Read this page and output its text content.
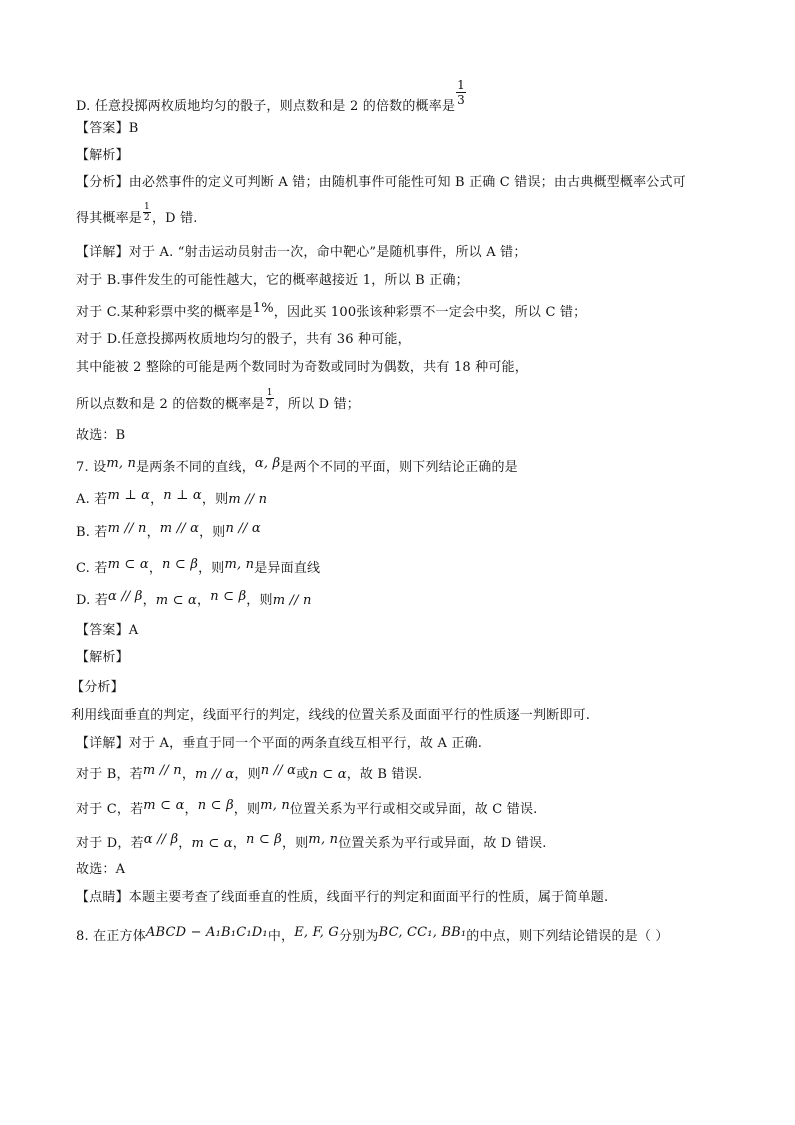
D. 任意投掷两枚质地均匀的骰子，则点数和是 2 的倍数的概率是 $\frac{1}{3}$
【答案】B
【解析】
【分析】由必然事件的定义可判断 A 错；由随机事件可能性可知 B 正确 C 错误；由古典概型概率公式可
得其概率是 $\frac{1}{2}$ ，D 错.
【详解】对于 A. “射击运动员射击一次，命中靶心”是随机事件，所以 A 错；
对于 B.事件发生的可能性越大，它的概率越接近 1，所以 B 正确；
对于 C.某种彩票中奖的概率是1%，因此买 100张该种彩票不一定会中奖，所以 C 错；
对于 D.任意投掷两枚质地均匀的骰子，共有 36 种可能，
其中能被 2 整除的可能是两个数同时为奇数或同时为偶数，共有 18 种可能，
所以点数和是 2 的倍数的概率是 $\frac{1}{2}$ ，所以 D 错；
故选：B
7. 设m, n是两条不同的直线，α, β是两个不同的平面，则下列结论正确的是
A. 若m ⊥ α，n ⊥ α，则m // n
B. 若m // n，m // α，则n // α
C. 若m ⊂ α，n ⊂ β，则m, n是异面直线
D. 若α // β，m ⊂ α，n ⊂ β，则m // n
【答案】A
【解析】
【分析】
利用线面垂直的判定，线面平行的判定，线线的位置关系及面面平行的性质逐一判断即可.
【详解】对于 A，垂直于同一个平面的两条直线互相平行，故 A 正确.
对于 B，若m // n，m // α，则n // α或n ⊂ α，故 B 错误.
对于 C，若m ⊂ α，n ⊂ β，则m, n位置关系为平行或相交或异面，故 C 错误.
对于 D，若α // β，m ⊂ α，n ⊂ β，则m, n位置关系为平行或异面，故 D 错误.
故选：A
【点睛】本题主要考查了线面垂直的性质，线面平行的判定和面面平行的性质，属于简单题.
8. 在正方体ABCD − A₁B₁C₁D₁中，E, F, G分别为BC, CC₁, BB₁的中点，则下列结论错误的是（ ）
